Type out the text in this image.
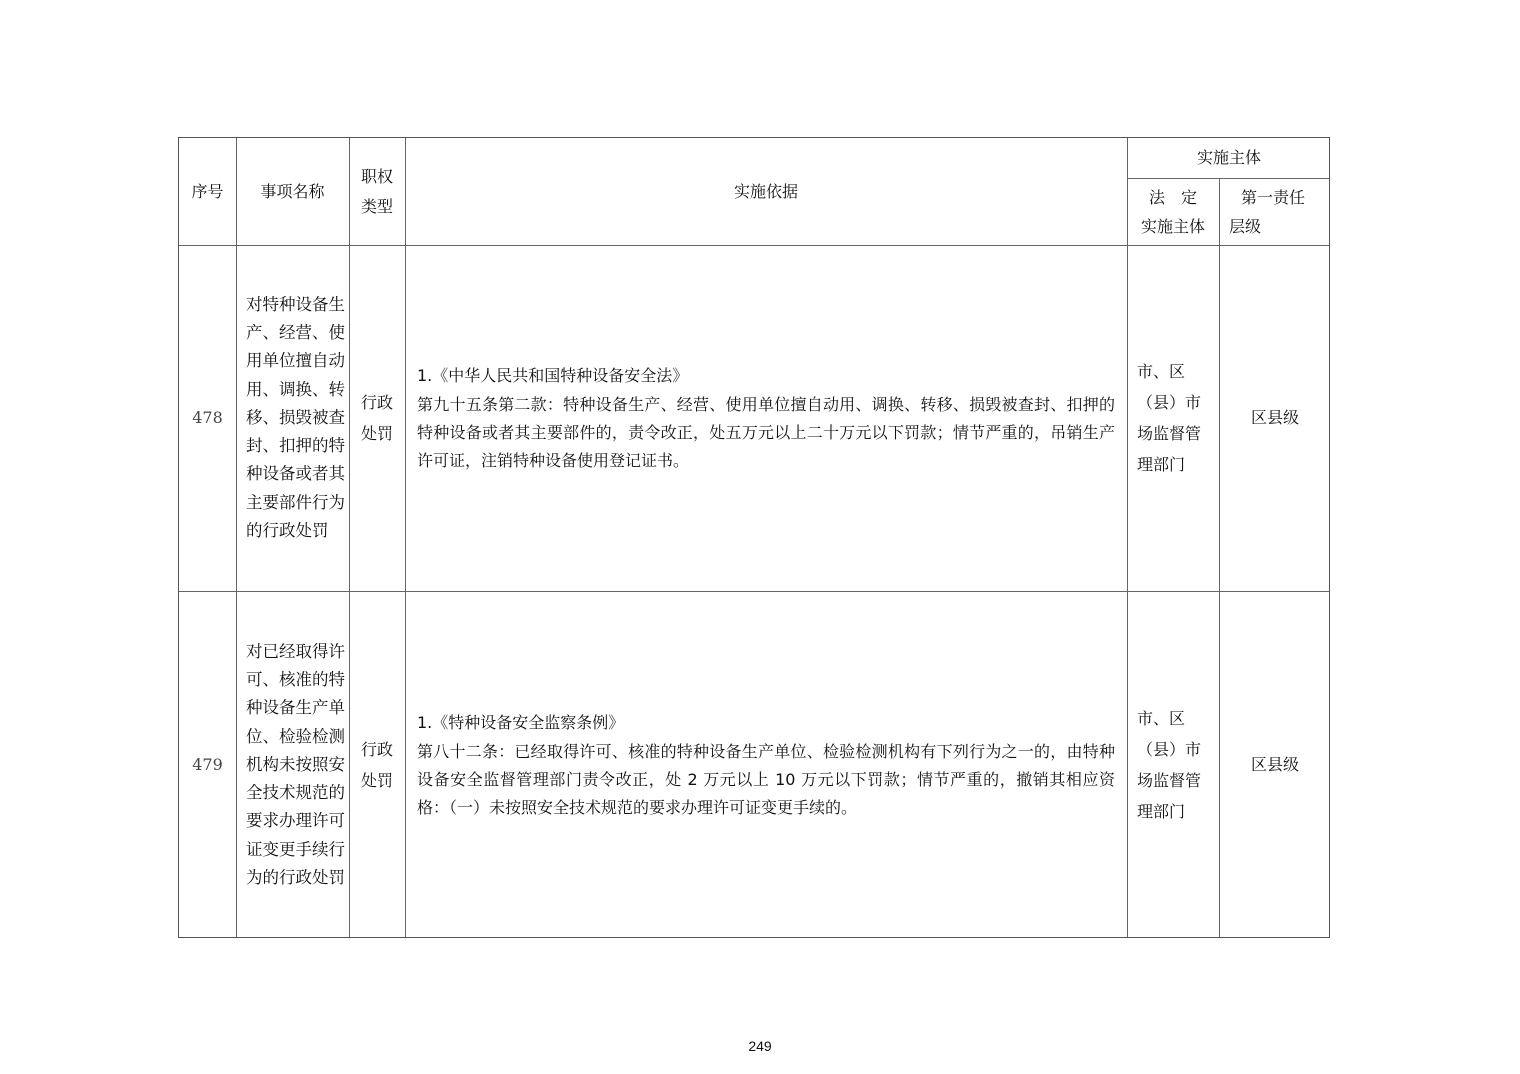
序号 事项名称
职权
类型
实施依据
实施主体
法　定
实施主体
第一责任
层级
478
对特种设备生产、经营、使用单位擅自动用、调换、转移、损毁被查封、扣押的特种设备或者其主要部件行为的行政处罚
行政
处罚

1.《中华人民共和国特种设备安全法》

第九十五条第二款：特种设备生产、经营、使用单位擅自动用、调换、转移、损毁被查封、扣押的特种设备或者其主要部件的，责令改正，处五万元以上二十万元以下罚款；情节严重的，吊销生产许可证，注销特种设备使用登记证书。

市、区（县）市场监督管理部门
区县级
479
对已经取得许可、核准的特种设备生产单位、检验检测机构未按照安全技术规范的要求办理许可证变更手续行为的行政处罚
行政
处罚

1.《特种设备安全监察条例》

第八十二条：已经取得许可、核准的特种设备生产单位、检验检测机构有下列行为之一的，由特种设备安全监督管理部门责令改正，处 2 万元以上 10 万元以下罚款；情节严重的，撤销其相应资格：（一）未按照安全技术规范的要求办理许可证变更手续的。

市、区（县）市场监督管理部门
区县级
249
